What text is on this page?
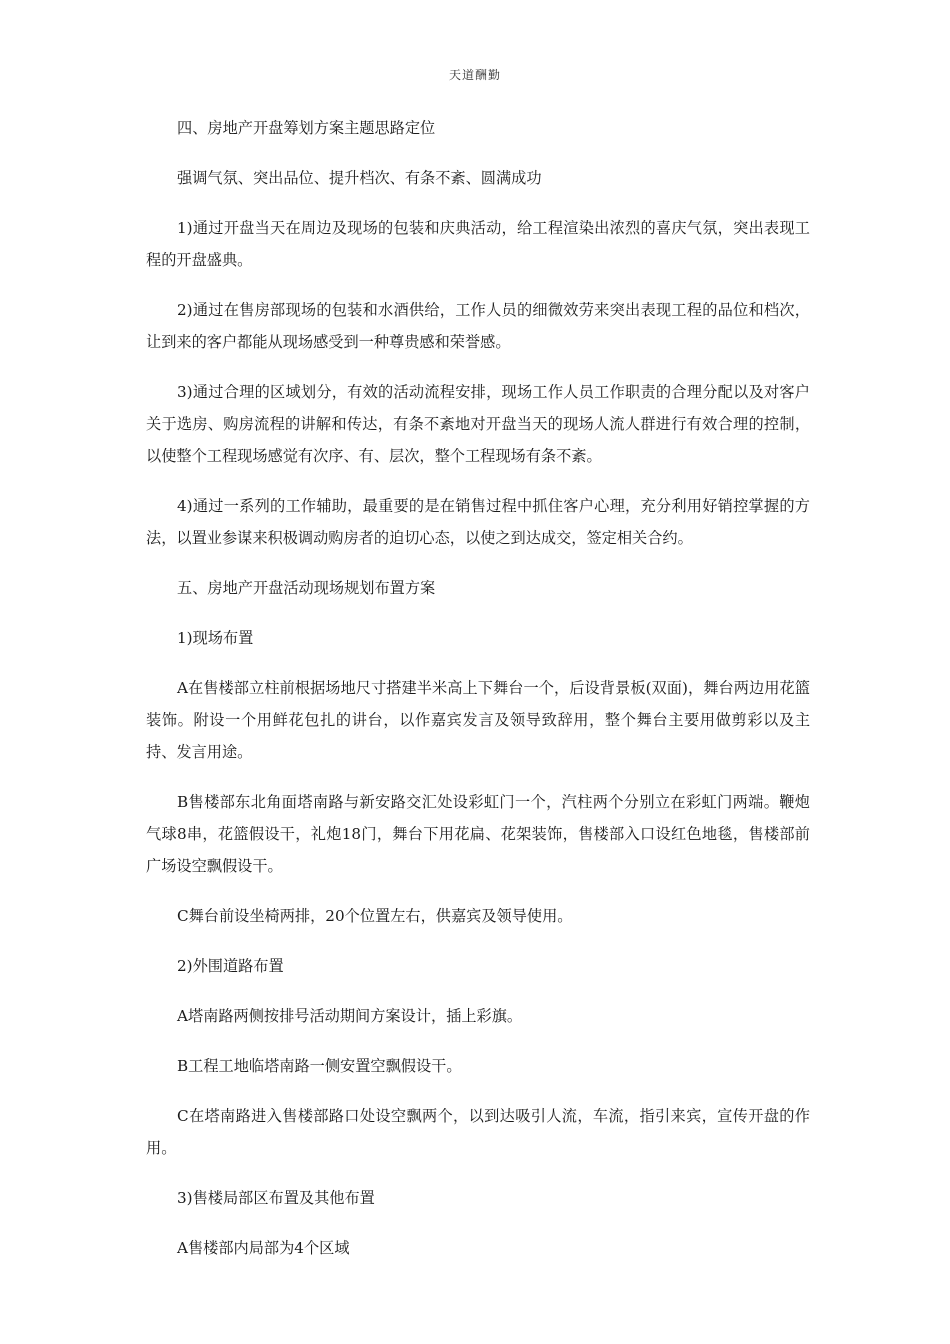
天道酬勤

四、房地产开盘筹划方案主题思路定位

强调气氛、突出品位、提升档次、有条不紊、圆满成功

1)通过开盘当天在周边及现场的包装和庆典活动，给工程渲染出浓烈的喜庆气氛，突出表现工程的开盘盛典。

2)通过在售房部现场的包装和水酒供给，工作人员的细微效劳来突出表现工程的品位和档次，让到来的客户都能从现场感受到一种尊贵感和荣誉感。

3)通过合理的区域划分，有效的活动流程安排，现场工作人员工作职责的合理分配以及对客户关于选房、购房流程的讲解和传达，有条不紊地对开盘当天的现场人流人群进行有效合理的控制，以使整个工程现场感觉有次序、有、层次，整个工程现场有条不紊。

4)通过一系列的工作辅助，最重要的是在销售过程中抓住客户心理，充分利用好销控掌握的方法，以置业参谋来积极调动购房者的迫切心态，以使之到达成交，签定相关合约。

五、房地产开盘活动现场规划布置方案

1)现场布置

A在售楼部立柱前根据场地尺寸搭建半米高上下舞台一个，后设背景板(双面)，舞台两边用花篮装饰。附设一个用鲜花包扎的讲台，以作嘉宾发言及领导致辞用，整个舞台主要用做剪彩以及主持、发言用途。

B售楼部东北角面塔南路与新安路交汇处设彩虹门一个，汽柱两个分别立在彩虹门两端。鞭炮气球8串，花篮假设干，礼炮18门，舞台下用花扁、花架装饰，售楼部入口设红色地毯，售楼部前广场设空飘假设干。

C舞台前设坐椅两排，20个位置左右，供嘉宾及领导使用。

2)外围道路布置

A塔南路两侧按排号活动期间方案设计，插上彩旗。

B工程工地临塔南路一侧安置空飘假设干。

C在塔南路进入售楼部路口处设空飘两个，以到达吸引人流，车流，指引来宾，宣传开盘的作用。

3)售楼局部区布置及其他布置

A售楼部内局部为4个区域
